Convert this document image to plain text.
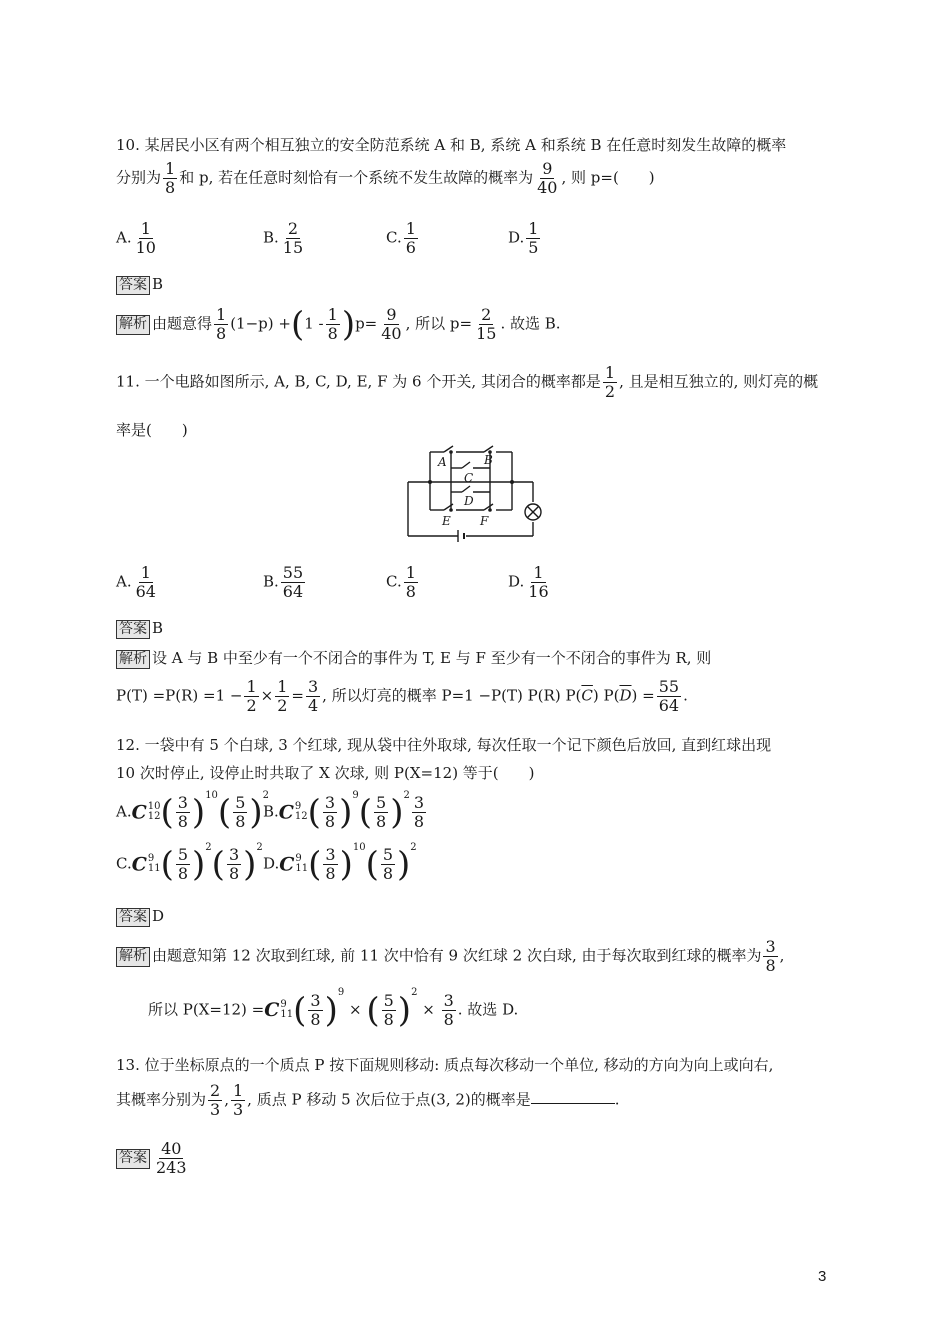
10. 某居民小区有两个相互独立的安全防范系统 A 和 B, 系统 A 和系统 B 在任意时刻发生故障的概率
分别为 $\frac{1}{8}$ 和 p, 若在任意时刻恰有一个系统不发生故障的概率为 $\frac{9}{40}$ , 则 p=(　　)
A. $\frac{1}{10}$	B. $\frac{2}{15}$	C. $\frac{1}{6}$	D. $\frac{1}{5}$
答案 B
解析 由题意得 $\frac{1}{8} (1-p) +(1 - \frac{1}{8} )p= \frac{9}{40}$ , 所以 $p= \frac{2}{15}$ . 故选 B.
11. 一个电路如图所示, A, B, C, D, E, F 为 6 个开关, 其闭合的概率都是 $\frac{1}{2}$ , 且是相互独立的, 则灯亮的概
率是(　　)
A	B
C
D
E F
A. $\frac{1}{64}$	B. $\frac{55}{64}$	C. $\frac{1}{8}$	D. $\frac{1}{16}$
答案 B
解析 设 A 与 B 中至少有一个不闭合的事件为 T, E 与 F 至少有一个不闭合的事件为 R, 则
$P(T) =P(R) =1 - \frac{1}{2} \times \frac{1}{2} = \frac{3}{4}$ , 所以灯亮的概率 P=1 −P(T) P(R) $P(\overline{C}) P(\overline{D}) = \frac{55}{64}$ .
12. 一袋中有 5 个白球, 3 个红球, 现从袋中往外取球, 每次任取一个记下颜色后放回, 直到红球出现
10 次时停止, 设停止时共取了 X 次球, 则 P(X=12) 等于(　　)
A.C 10
12 ( $\frac{3}{8} )^{10}( \frac{5}{8} )^2$
B.C 9
12 ( $\frac{3}{8} )^9( \frac{5}{8} )^2 \frac{3}{8}$
C.C 9
11 ( $\frac{5}{8} )^2( \frac{3}{8} )^2$
D.C 9
11 ( $\frac{3}{8} )^{10}( \frac{5}{8} )^2$
答案 D
解析 由题意知第 12 次取到红球, 前 11 次中恰有 9 次红球 2 次白球, 由于每次取到红球的概率为 $\frac{3}{8}$ ,
所以 P(X=12) =C 9
11 ( $\frac{3}{8} )^9$ × ( $\frac{5}{8} )^2 \times \frac{3}{8}$ . 故选 D.
13. 位于坐标原点的一个质点 P 按下面规则移动: 质点每次移动一个单位, 移动的方向为向上或向右,
其概率分别为 $\frac{2}{3}$ , $\frac{1}{3}$ , 质点 P 移动 5 次后位于点(3, 2)的概率是	.
答案 $\frac{40}{243}$
3
